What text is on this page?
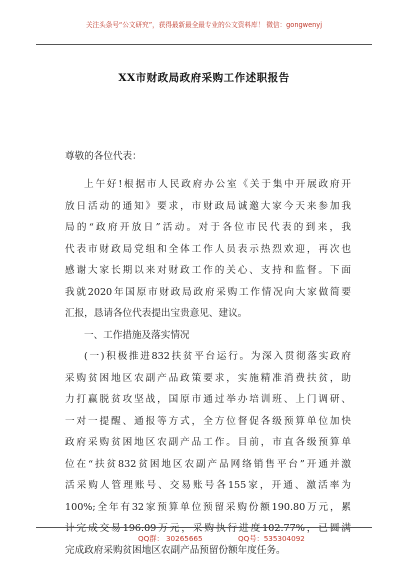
关注头条号“公文研究”，获得最新最全最专业的公文资料库！ 微信：gongwenyj
XX市财政局政府采购工作述职报告
尊敬的各位代表：
上午好!根据市人民政府办公室《关于集中开展政府开
放日活动的通知》要求，市财政局诚邀大家今天来参加我
局的“政府开放日”活动。对于各位市民代表的到来，我
代表市财政局党组和全体工作人员表示热烈欢迎，再次也
感谢大家长期以来对财政工作的关心、支持和监督。下面
我就2020年国原市财政局政府采购工作情况向大家做简要
汇报，恳请各位代表提出宝贵意见、建议。
一、工作措施及落实情况
(一)积极推进832扶贫平台运行。为深入贯彻落实政府
采购贫困地区农副产品政策要求，实施精准消费扶贫，助
力打赢脱贫攻坚战，国原市通过举办培训班、上门调研、
一对一提醒、通报等方式，全方位督促各级预算单位加快
政府采购贫困地区农副产品工作。目前，市直各级预算单
位在“扶贫832贫困地区农副产品网络销售平台”开通并激
活采购人管理账号、交易账号各155家，开通、激活率为
100%;全年有32家预算单位预留采购份额190.80万元，累
计完成交易196.09万元，采购执行进度102.77%，已圆满
完成政府采购贫困地区农副产品预留份额年度任务。
QQ群： 30265665	QQ号：535304092
